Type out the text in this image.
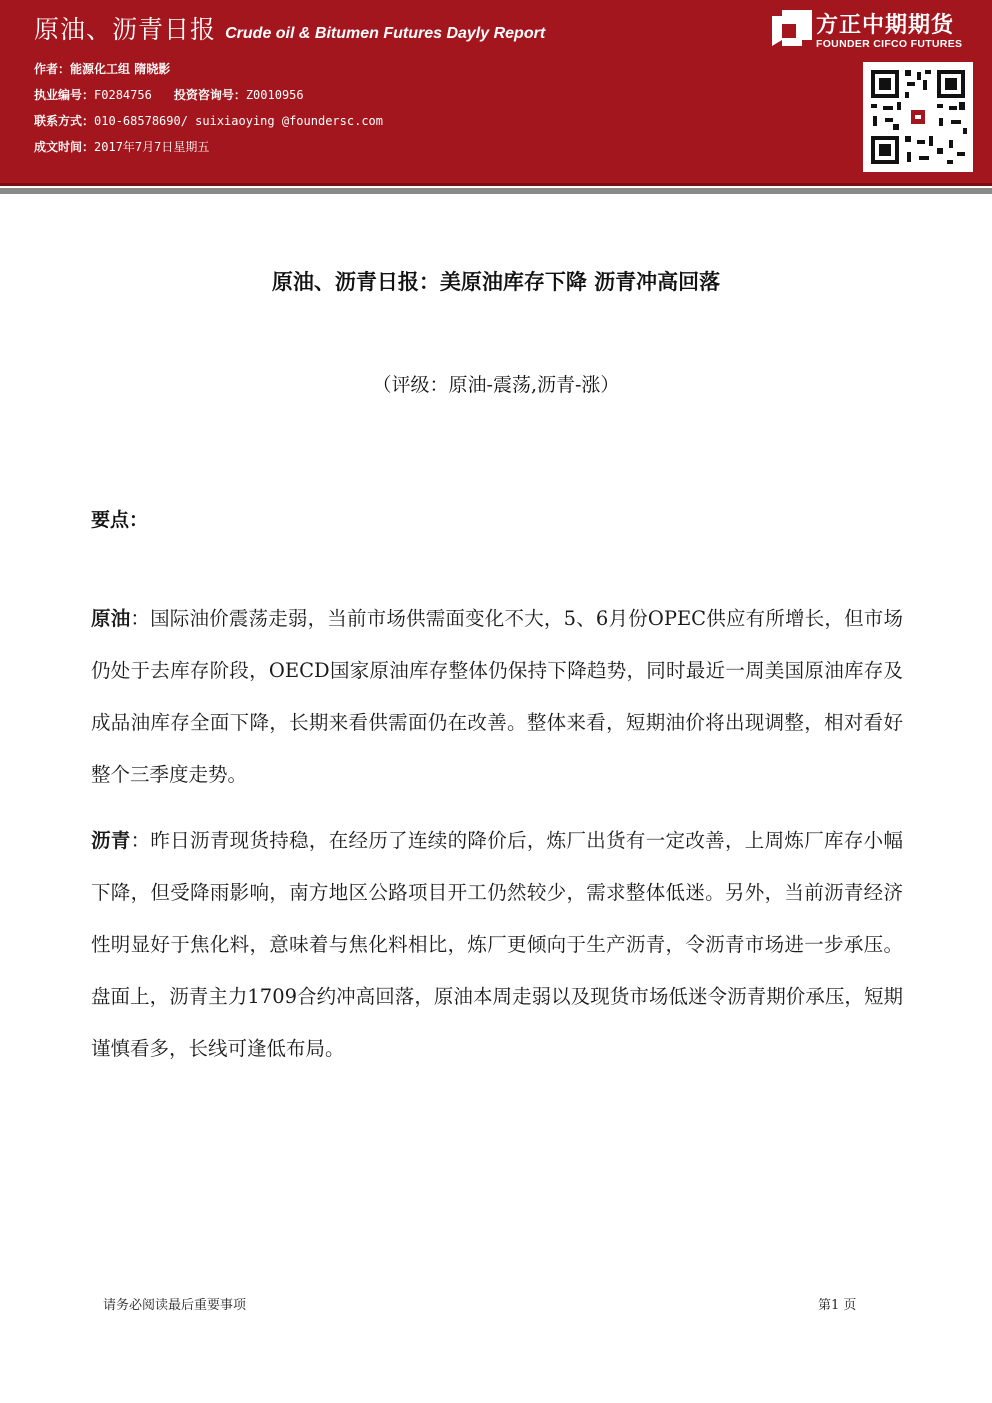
原油、沥青日报 Crude oil & Bitumen Futures Dayly Report
作者：能源化工组 隋晓影
执业编号：F0284756 投资咨询号：Z0010956
联系方式：010-68578690/ suixiaoying @foundersc.com
成文时间：2017年7月7日星期五
方正中期期货
FOUNDER CIFCO FUTURES
原油、沥青日报：美原油库存下降 沥青冲高回落
（评级：原油-震荡,沥青-涨）
要点：
原油：国际油价震荡走弱，当前市场供需面变化不大，5、6月份OPEC供应有所增长，但市场仍处于去库存阶段，OECD国家原油库存整体仍保持下降趋势，同时最近一周美国原油库存及成品油库存全面下降，长期来看供需面仍在改善。整体来看，短期油价将出现调整，相对看好整个三季度走势。
沥青：昨日沥青现货持稳，在经历了连续的降价后，炼厂出货有一定改善，上周炼厂库存小幅下降，但受降雨影响，南方地区公路项目开工仍然较少，需求整体低迷。另外，当前沥青经济性明显好于焦化料，意味着与焦化料相比，炼厂更倾向于生产沥青，令沥青市场进一步承压。盘面上，沥青主力1709合约冲高回落，原油本周走弱以及现货市场低迷令沥青期价承压，短期谨慎看多，长线可逢低布局。
请务必阅读最后重要事项	第1 页
